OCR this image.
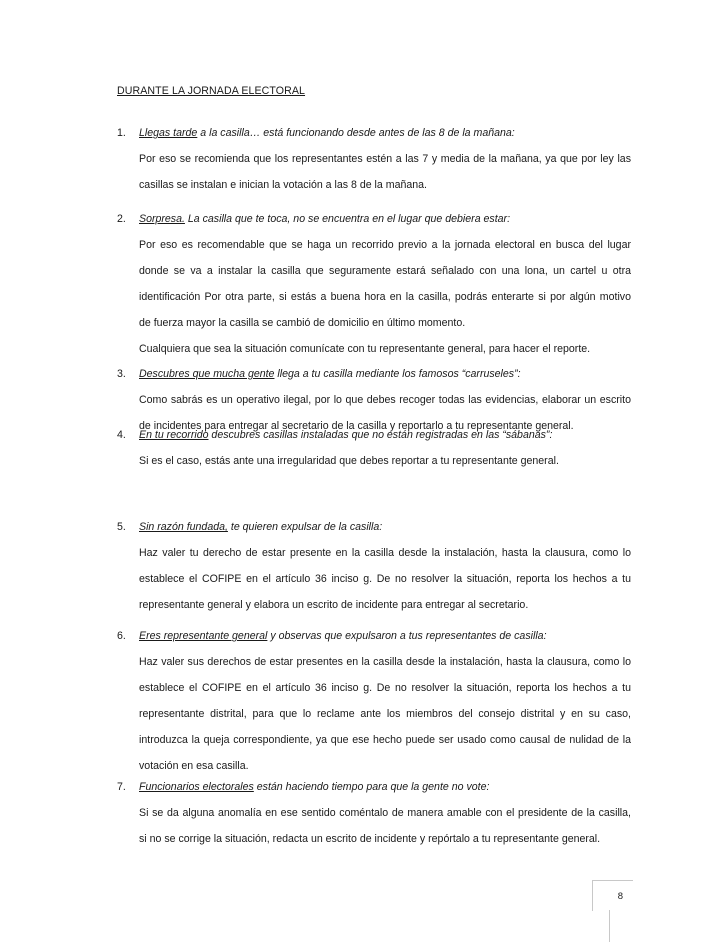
DURANTE LA JORNADA ELECTORAL
1. Llegas tarde a la casilla… está funcionando desde antes de las 8 de la mañana:
Por eso se recomienda que los representantes estén a las 7 y media de la mañana, ya que por ley las
casillas se instalan e inician la votación a las 8 de la mañana.
2. Sorpresa. La casilla que te toca, no se encuentra en el lugar que debiera estar:
Por eso es recomendable que se haga un recorrido previo a la jornada electoral en busca del lugar
donde se va a instalar la casilla que seguramente estará señalado con una lona, un cartel u otra
identificación Por otra parte, si estás a buena hora en la casilla, podrás enterarte si por algún motivo
de fuerza mayor la casilla se cambió de domicilio en último momento.
Cualquiera que sea la situación comunícate con tu representante general, para hacer el reporte.
3. Descubres que mucha gente llega a tu casilla mediante los famosos “carruseles”:
Como sabrás es un operativo ilegal, por lo que debes recoger todas las evidencias, elaborar un escrito
de incidentes para entregar al secretario de la casilla y reportarlo a tu representante general.
4. En tu recorrido descubres casillas instaladas que no están registradas en las “sábanas”:
Si es el caso, estás ante una irregularidad que debes reportar a tu representante general.
5. Sin razón fundada, te quieren expulsar de la casilla:
Haz valer tu derecho de estar presente en la casilla desde la instalación, hasta la clausura, como lo
establece el COFIPE en el artículo 36 inciso g. De no resolver la situación, reporta los hechos a tu
representante general y elabora un escrito de incidente para entregar al secretario.
6. Eres representante general y observas que expulsaron a tus representantes de casilla:
Haz valer sus derechos de estar presentes en la casilla desde la instalación, hasta la clausura, como lo
establece el COFIPE en el artículo 36 inciso g. De no resolver la situación, reporta los hechos a tu
representante distrital, para que lo reclame ante los miembros del consejo distrital y en su caso,
introduzca la queja correspondiente, ya que ese hecho puede ser usado como causal de nulidad de la
votación en esa casilla.
7. Funcionarios electorales están haciendo tiempo para que la gente no vote:
Si se da alguna anomalía en ese sentido coméntalo de manera amable con el presidente de la casilla,
si no se corrige la situación, redacta un escrito de incidente y repórtalo a tu representante general.
8
